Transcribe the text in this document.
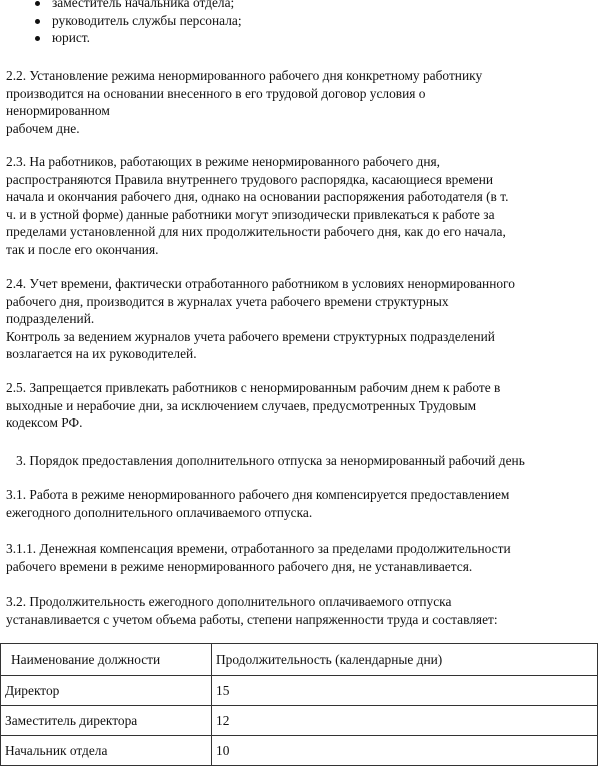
заместитель начальника отдела;
руководитель службы персонала;
юрист.
2.2. Установление режима ненормированного рабочего дня конкретному работнику
производится на основании внесенного в его трудовой договор условия о
ненормированном
рабочем дне.
2.3. На работников, работающих в режиме ненормированного рабочего дня,
распространяются Правила внутреннего трудового распорядка, касающиеся времени
начала и окончания рабочего дня, однако на основании распоряжения работодателя (в т.
ч. и в устной форме) данные работники могут эпизодически привлекаться к работе за
пределами установленной для них продолжительности рабочего дня, как до его начала,
так и после его окончания.
2.4. Учет времени, фактически отработанного работником в условиях ненормированного
рабочего дня, производится в журналах учета рабочего времени структурных
подразделений.
Контроль за ведением журналов учета рабочего времени структурных подразделений
возлагается на их руководителей.
2.5. Запрещается привлекать работников с ненормированным рабочим днем к работе в
выходные и нерабочие дни, за исключением случаев, предусмотренных Трудовым
кодексом РФ.
3. Порядок предоставления дополнительного отпуска за ненормированный рабочий день
3.1. Работа в режиме ненормированного рабочего дня компенсируется предоставлением
ежегодного дополнительного оплачиваемого отпуска.
3.1.1. Денежная компенсация времени, отработанного за пределами продолжительности
рабочего времени в режиме ненормированного рабочего дня, не устанавливается.
3.2. Продолжительность ежегодного дополнительного оплачиваемого отпуска
устанавливается с учетом объема работы, степени напряженности труда и составляет:
Наименование должности	Продолжительность (календарные дни)
Директор	15
Заместитель директора	12
Начальник отдела	10
